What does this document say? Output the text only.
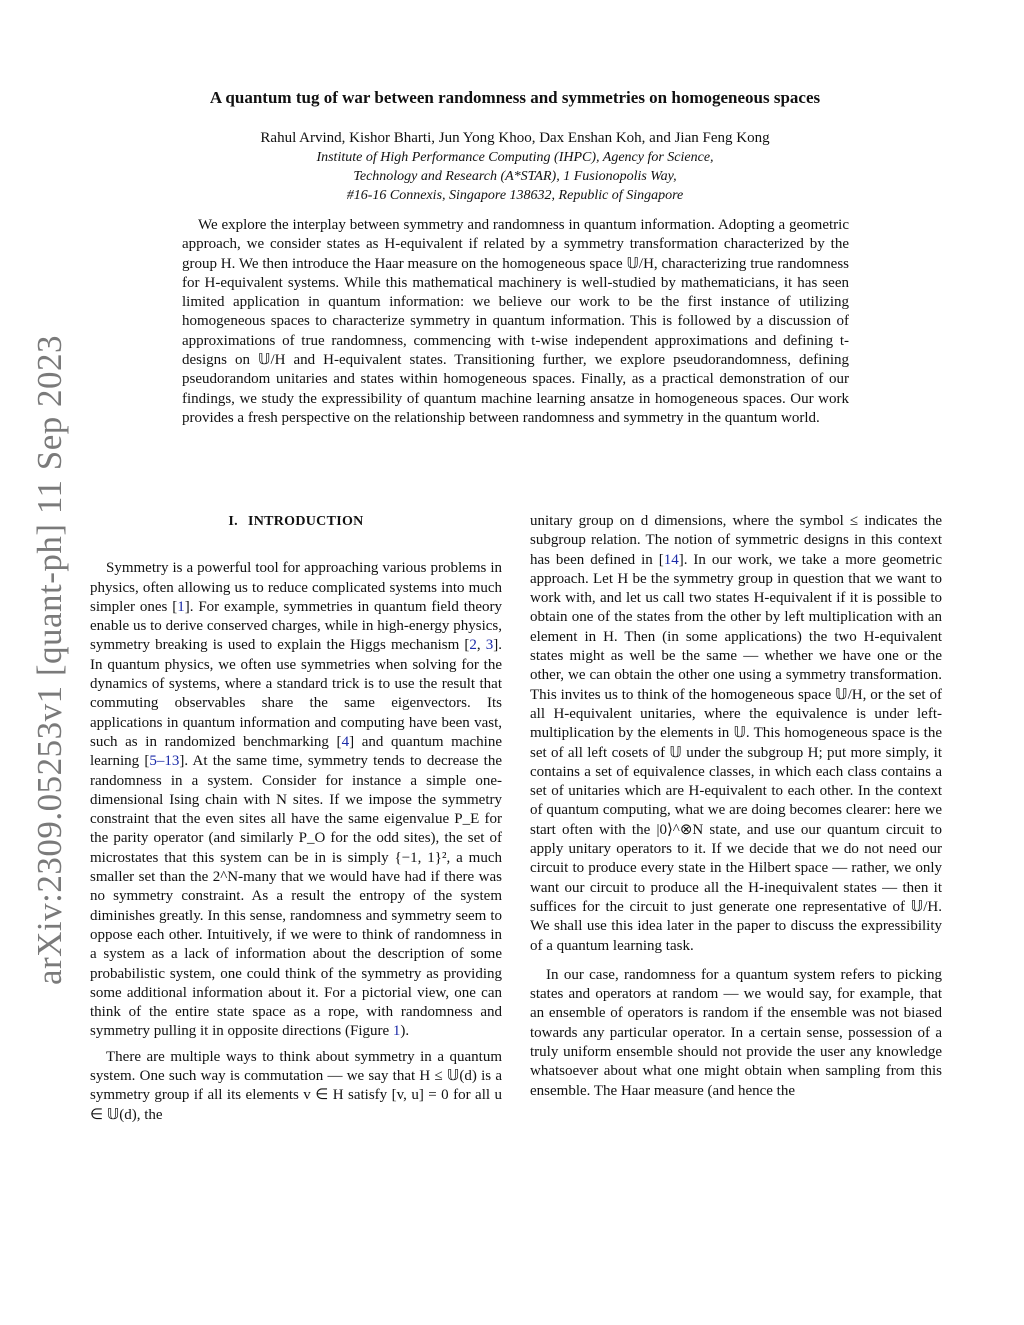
arXiv:2309.05253v1 [quant-ph] 11 Sep 2023
A quantum tug of war between randomness and symmetries on homogeneous spaces
Rahul Arvind, Kishor Bharti, Jun Yong Khoo, Dax Enshan Koh, and Jian Feng Kong
Institute of High Performance Computing (IHPC), Agency for Science,
Technology and Research (A*STAR), 1 Fusionopolis Way,
#16-16 Connexis, Singapore 138632, Republic of Singapore
We explore the interplay between symmetry and randomness in quantum information. Adopting a geometric approach, we consider states as H-equivalent if related by a symmetry transformation characterized by the group H. We then introduce the Haar measure on the homogeneous space 𝕌/H, characterizing true randomness for H-equivalent systems. While this mathematical machinery is well-studied by mathematicians, it has seen limited application in quantum information: we believe our work to be the first instance of utilizing homogeneous spaces to characterize symmetry in quantum information. This is followed by a discussion of approximations of true randomness, commencing with t-wise independent approximations and defining t-designs on 𝕌/H and H-equivalent states. Transitioning further, we explore pseudorandomness, defining pseudorandom unitaries and states within homogeneous spaces. Finally, as a practical demonstration of our findings, we study the expressibility of quantum machine learning ansatze in homogeneous spaces. Our work provides a fresh perspective on the relationship between randomness and symmetry in the quantum world.
I. INTRODUCTION

Symmetry is a powerful tool for approaching various problems in physics, often allowing us to reduce complicated systems into much simpler ones [1]. For example, symmetries in quantum field theory enable us to derive conserved charges, while in high-energy physics, symmetry breaking is used to explain the Higgs mechanism [2, 3]. In quantum physics, we often use symmetries when solving for the dynamics of systems, where a standard trick is to use the result that commuting observables share the same eigenvectors. Its applications in quantum information and computing have been vast, such as in randomized benchmarking [4] and quantum machine learning [5–13]. At the same time, symmetry tends to decrease the randomness in a system. Consider for instance a simple one-dimensional Ising chain with N sites. If we impose the symmetry constraint that the even sites all have the same eigenvalue P_E for the parity operator (and similarly P_O for the odd sites), the set of microstates that this system can be in is simply {−1, 1}², a much smaller set than the 2^N-many that we would have had if there was no symmetry constraint. As a result the entropy of the system diminishes greatly. In this sense, randomness and symmetry seem to oppose each other. Intuitively, if we were to think of randomness in a system as a lack of information about the description of some probabilistic system, one could think of the symmetry as providing some additional information about it. For a pictorial view, one can think of the entire state space as a rope, with randomness and symmetry pulling it in opposite directions (Figure 1).

There are multiple ways to think about symmetry in a quantum system. One such way is commutation — we say that H ≤ 𝕌(d) is a symmetry group if all its elements v ∈ H satisfy [v, u] = 0 for all u ∈ 𝕌(d), the

unitary group on d dimensions, where the symbol ≤ indicates the subgroup relation. The notion of symmetric designs in this context has been defined in [14]. In our work, we take a more geometric approach. Let H be the symmetry group in question that we want to work with, and let us call two states H-equivalent if it is possible to obtain one of the states from the other by left multiplication with an element in H. Then (in some applications) the two H-equivalent states might as well be the same — whether we have one or the other, we can obtain the other one using a symmetry transformation. This invites us to think of the homogeneous space 𝕌/H, or the set of all H-equivalent unitaries, where the equivalence is under left-multiplication by the elements in 𝕌. This homogeneous space is the set of all left cosets of 𝕌 under the subgroup H; put more simply, it contains a set of equivalence classes, in which each class contains a set of unitaries which are H-equivalent to each other. In the context of quantum computing, what we are doing becomes clearer: here we start often with the |0⟩^⊗N state, and use our quantum circuit to apply unitary operators to it. If we decide that we do not need our circuit to produce every state in the Hilbert space — rather, we only want our circuit to produce all the H-inequivalent states — then it suffices for the circuit to just generate one representative of 𝕌/H. We shall use this idea later in the paper to discuss the expressibility of a quantum learning task.

In our case, randomness for a quantum system refers to picking states and operators at random — we would say, for example, that an ensemble of operators is random if the ensemble was not biased towards any particular operator. In a certain sense, possession of a truly uniform ensemble should not provide the user any knowledge whatsoever about what one might obtain when sampling from this ensemble. The Haar measure (and hence the
